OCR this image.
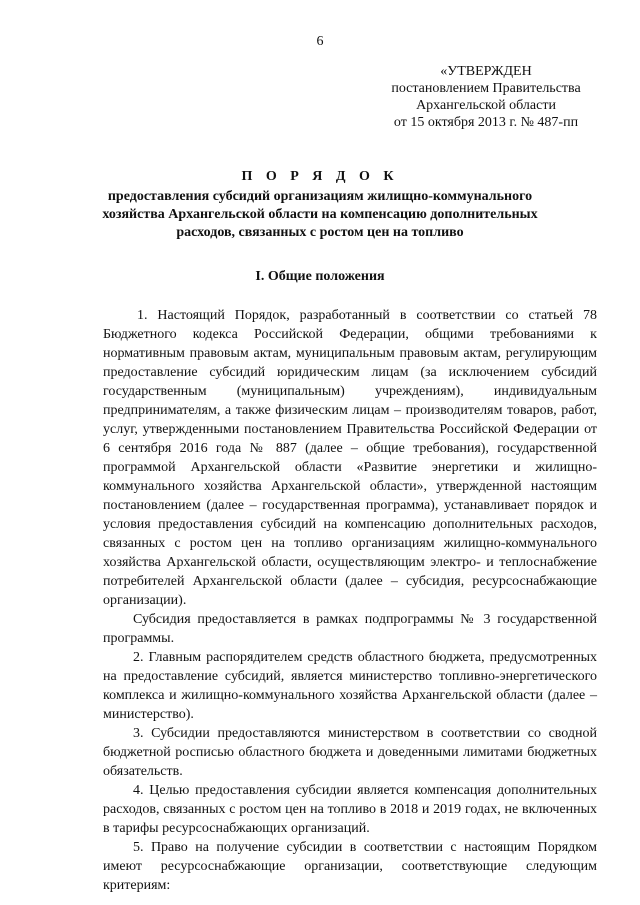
6
«УТВЕРЖДЕН
постановлением Правительства
Архангельской области
от 15 октября 2013 г. № 487-пп
П О Р Я Д О К
предоставления субсидий организациям жилищно-коммунального хозяйства Архангельской области на компенсацию дополнительных расходов, связанных с ростом цен на топливо
I. Общие положения

1. Настоящий Порядок, разработанный в соответствии со статьей 78 Бюджетного кодекса Российской Федерации, общими требованиями к нормативным правовым актам, муниципальным правовым актам, регулирующим предоставление субсидий юридическим лицам (за исключением субсидий государственным (муниципальным) учреждениям), индивидуальным предпринимателям, а также физическим лицам – производителям товаров, работ, услуг, утвержденными постановлением Правительства Российской Федерации от 6 сентября 2016 года № 887 (далее – общие требования), государственной программой Архангельской области «Развитие энергетики и жилищно-коммунального хозяйства Архангельской области», утвержденной настоящим постановлением (далее – государственная программа), устанавливает порядок и условия предоставления субсидий на компенсацию дополнительных расходов, связанных с ростом цен на топливо организациям жилищно-коммунального хозяйства Архангельской области, осуществляющим электро- и теплоснабжение потребителей Архангельской области (далее – субсидия, ресурсоснабжающие организации).

Субсидия предоставляется в рамках подпрограммы № 3 государственной программы.

2. Главным распорядителем средств областного бюджета, предусмотренных на предоставление субсидий, является министерство топливно-энергетического комплекса и жилищно-коммунального хозяйства Архангельской области (далее – министерство).

3. Субсидии предоставляются министерством в соответствии со сводной бюджетной росписью областного бюджета и доведенными лимитами бюджетных обязательств.

4. Целью предоставления субсидии является компенсация дополнительных расходов, связанных с ростом цен на топливо в 2018 и 2019 годах, не включенных в тарифы ресурсоснабжающих организаций.

5. Право на получение субсидии в соответствии с настоящим Порядком имеют ресурсоснабжающие организации, соответствующие следующим критериям:
